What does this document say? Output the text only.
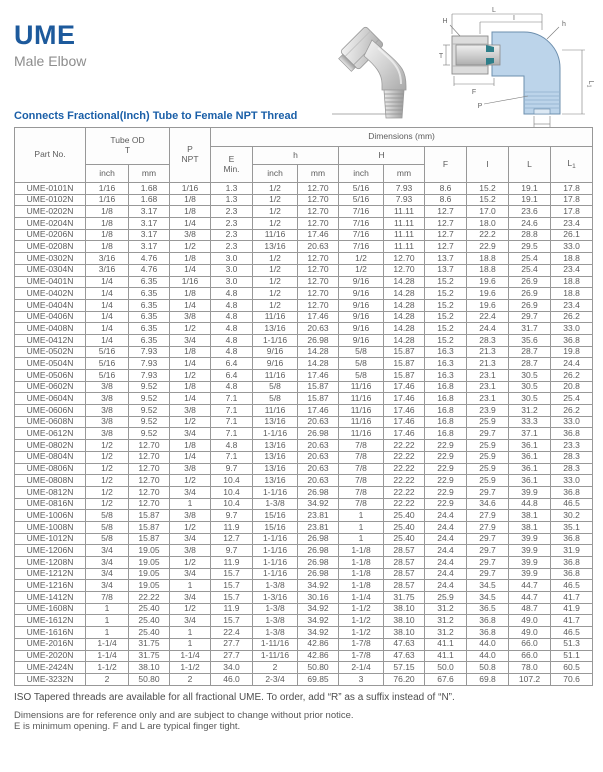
UME
Male Elbow
L
I
H	h
T
F
P
$L_1$
Connects Fractional(Inch) Tube to Female NPT Thread
Part No.	
Tube OD
T	P
NPT
	Dimensions (mm)

				E
Min.	h		H		F	I	L	$L_1$
	inch	mm			inch	mm	inch	mm				
UME-0101N	1/16	1.68	1/16	1.3	1/2	12.70	5/16	7.93	8.6	15.2	19.1	17.8
UME-0102N	1/16	1.68	1/8	1.3	1/2	12.70	5/16	7.93	8.6	15.2	19.1	17.8
UME-0202N	1/8	3.17	1/8	2.3	1/2	12.70	7/16	11.11	12.7	17.0	23.6	17.8
UME-0204N	1/8	3.17	1/4	2.3	1/2	12.70	7/16	11.11	12.7	18.0	24.6	23.4
UME-0206N	1/8	3.17	3/8	2.3	11/16	17.46	7/16	11.11	12.7	22.2	28.8	26.1
UME-0208N	1/8	3.17	1/2	2.3	13/16	20.63	7/16	11.11	12.7	22.9	29.5	33.0
UME-0302N	3/16	4.76	1/8	3.0	1/2	12.70	1/2	12.70	13.7	18.8	25.4	18.8
UME-0304N	3/16	4.76	1/4	3.0	1/2	12.70	1/2	12.70	13.7	18.8	25.4	23.4
UME-0401N	1/4	6.35	1/16	3.0	1/2	12.70	9/16	14.28	15.2	19.6	26.9	18.8
UME-0402N	1/4	6.35	1/8	4.8	1/2	12.70	9/16	14.28	15.2	19.6	26.9	18.8
UME-0404N	1/4	6.35	1/4	4.8	1/2	12.70	9/16	14.28	15.2	19.6	26.9	23.4
UME-0406N	1/4	6.35	3/8	4.8	11/16	17.46	9/16	14.28	15.2	22.4	29.7	26.2
UME-0408N	1/4	6.35	1/2	4.8	13/16	20.63	9/16	14.28	15.2	24.4	31.7	33.0
UME-0412N	1/4	6.35	3/4	4.8	1-1/16	26.98	9/16	14.28	15.2	28.3	35.6	36.8
UME-0502N	5/16	7.93	1/8	4.8	9/16	14.28	5/8	15.87	16.3	21.3	28.7	19.8
UME-0504N	5/16	7.93	1/4	6.4	9/16	14.28	5/8	15.87	16.3	21.3	28.7	24.4
UME-0506N	5/16	7.93	1/2	6.4	11/16	17.46	5/8	15.87	16.3	23.1	30.5	26.2
UME-0602N	3/8	9.52	1/8	4.8	5/8	15.87	11/16	17.46	16.8	23.1	30.5	20.8
UME-0604N	3/8	9.52	1/4	7.1	5/8	15.87	11/16	17.46	16.8	23.1	30.5	25.4
UME-0606N	3/8	9.52	3/8	7.1	11/16	17.46	11/16	17.46	16.8	23.9	31.2	26.2
UME-0608N	3/8	9.52	1/2	7.1	13/16	20.63	11/16	17.46	16.8	25.9	33.3	33.0
UME-0612N	3/8	9.52	3/4	7.1	1-1/16	26.98	11/16	17.46	16.8	29.7	37.1	36.8
UME-0802N	1/2	12.70	1/8	4.8	13/16	20.63	7/8	22.22	22.9	25.9	36.1	23.3
UME-0804N	1/2	12.70	1/4	7.1	13/16	20.63	7/8	22.22	22.9	25.9	36.1	28.3
UME-0806N	1/2	12.70	3/8	9.7	13/16	20.63	7/8	22.22	22.9	25.9	36.1	28.3
UME-0808N	1/2	12.70	1/2	10.4	13/16	20.63	7/8	22.22	22.9	25.9	36.1	33.0
UME-0812N	1/2	12.70	3/4	10.4	1-1/16	26.98	7/8	22.22	22.9	29.7	39.9	36.8
UME-0816N	1/2	12.70	1	10.4	1-3/8	34.92	7/8	22.22	22.9	34.6	44.8	46.5
UME-1006N	5/8	15.87	3/8	9.7	15/16	23.81	1	25.40	24.4	27.9	38.1	30.2
UME-1008N	5/8	15.87	1/2	11.9	15/16	23.81	1	25.40	24.4	27.9	38.1	35.1
UME-1012N	5/8	15.87	3/4	12.7	1-1/16	26.98	1	25.40	24.4	29.7	39.9	36.8
UME-1206N	3/4	19.05	3/8	9.7	1-1/16	26.98	1-1/8	28.57	24.4	29.7	39.9	31.9
UME-1208N	3/4	19.05	1/2	11.9	1-1/16	26.98	1-1/8	28.57	24.4	29.7	39.9	36.8
UME-1212N	3/4	19.05	3/4	15.7	1-1/16	26.98	1-1/8	28.57	24.4	29.7	39.9	36.8
UME-1216N	3/4	19.05	1	15.7	1-3/8	34.92	1-1/8	28.57	24.4	34.5	44.7	46.5
UME-1412N	7/8	22.22	3/4	15.7	1-3/16	30.16	1-1/4	31.75	25.9	34.5	44.7	41.7
UME-1608N	1	25.40	1/2	11.9	1-3/8	34.92	1-1/2	38.10	31.2	36.5	48.7	41.9
UME-1612N	1	25.40	3/4	15.7	1-3/8	34.92	1-1/2	38.10	31.2	36.8	49.0	41.7
UME-1616N	1	25.40	1	22.4	1-3/8	34.92	1-1/2	38.10	31.2	36.8	49.0	46.5
UME-2016N	1-1/4	31.75	1	27.7	1-11/16	42.86	1-7/8	47.63	41.1	44.0	66.0	51.3
UME-2020N	1-1/4	31.75	1-1/4	27.7	1-11/16	42.86	1-7/8	47.63	41.1	44.0	66.0	51.1
UME-2424N	1-1/2	38.10	1-1/2	34.0	2	50.80	2-1/4	57.15	50.0	50.8	78.0	60.5
UME-3232N	2	50.80	2	46.0	2-3/4	69.85	3	76.20	67.6	69.8	107.2	70.6
ISO Tapered threads are available for all fractional UME. To order, add “R” as a suffix instead of “N”.
Dimensions are for reference only and are subject to change without prior notice.
E is minimum opening. F and L are typical finger tight.
